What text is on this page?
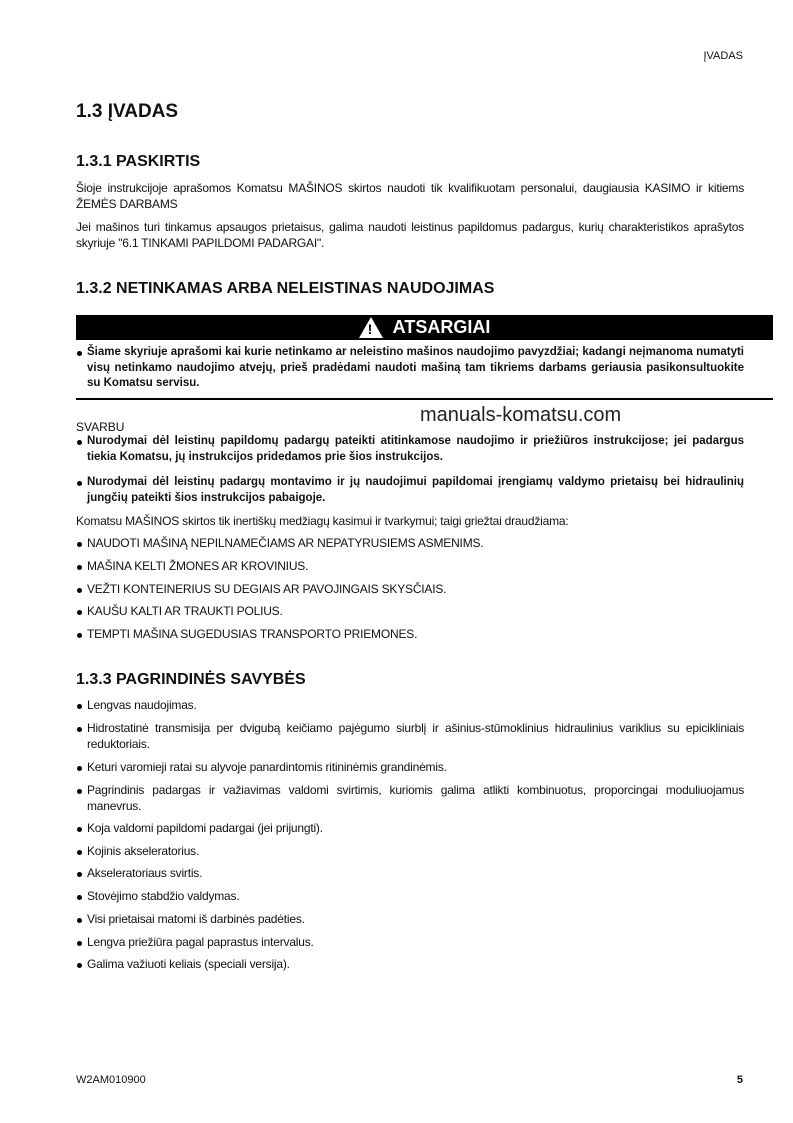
ĮVADAS
1.3 ĮVADAS
1.3.1 PASKIRTIS
Šioje instrukcijoje aprašomos Komatsu MAŠINOS skirtos naudoti tik kvalifikuotam personalui, daugiausia KASIMO ir kitiems ŽEMĖS DARBAMS
Jei mašinos turi tinkamus apsaugos prietaisus, galima naudoti leistinus papildomus padargus, kurių charakteristikos aprašytos skyriuje "6.1 TINKAMI PAPILDOMI PADARGAI".
1.3.2 NETINKAMAS ARBA NELEISTINAS NAUDOJIMAS
! ATSARGIAI
Šiame skyriuje aprašomi kai kurie netinkamo ar neleistino mašinos naudojimo pavyzdžiai; kadangi neįmanoma numatyti visų netinkamo naudojimo atvejų, prieš pradėdami naudoti mašiną tam tikriems darbams geriausia pasikonsultuokite su Komatsu servisu.
manuals-komatsu.com
SVARBU
Nurodymai dėl leistinų papildomų padargų pateikti atitinkamose naudojimo ir priežiūros instrukcijose; jei padargus tiekia Komatsu, jų instrukcijos pridedamos prie šios instrukcijos.
Nurodymai dėl leistinų padargų montavimo ir jų naudojimui papildomai įrengiamų valdymo prietaisų bei hidraulinių jungčių pateikti šios instrukcijos pabaigoje.
Komatsu MAŠINOS skirtos tik inertiškų medžiagų kasimui ir tvarkymui; taigi griežtai draudžiama:
NAUDOTI MAŠINĄ NEPILNAMEČIAMS AR NEPATYRUSIEMS ASMENIMS.
MAŠINA KELTI ŽMONES AR KROVINIUS.
VEŽTI KONTEINERIUS SU DEGIAIS AR PAVOJINGAIS SKYSČIAIS.
KAUŠU KALTI AR TRAUKTI POLIUS.
TEMPTI MAŠINA SUGEDUSIAS TRANSPORTO PRIEMONES.
1.3.3 PAGRINDINĖS SAVYBĖS
Lengvas naudojimas.
Hidrostatinė transmisija per dvigubą keičiamo pajėgumo siurblį ir ašinius-stūmoklinius hidraulinius variklius su epicikliniais reduktoriais.
Keturi varomieji ratai su alyvoje panardintomis ritininėmis grandinėmis.
Pagrindinis padargas ir važiavimas valdomi svirtimis, kuriomis galima atlikti kombinuotus, proporcingai moduliuojamus manevrus.
Koja valdomi papildomi padargai (jei prijungti).
Kojinis akseleratorius.
Akseleratoriaus svirtis.
Stovėjimo stabdžio valdymas.
Visi prietaisai matomi iš darbinės padėties.
Lengva priežiūra pagal paprastus intervalus.
Galima važiuoti keliais (speciali versija).
W2AM010900	5
